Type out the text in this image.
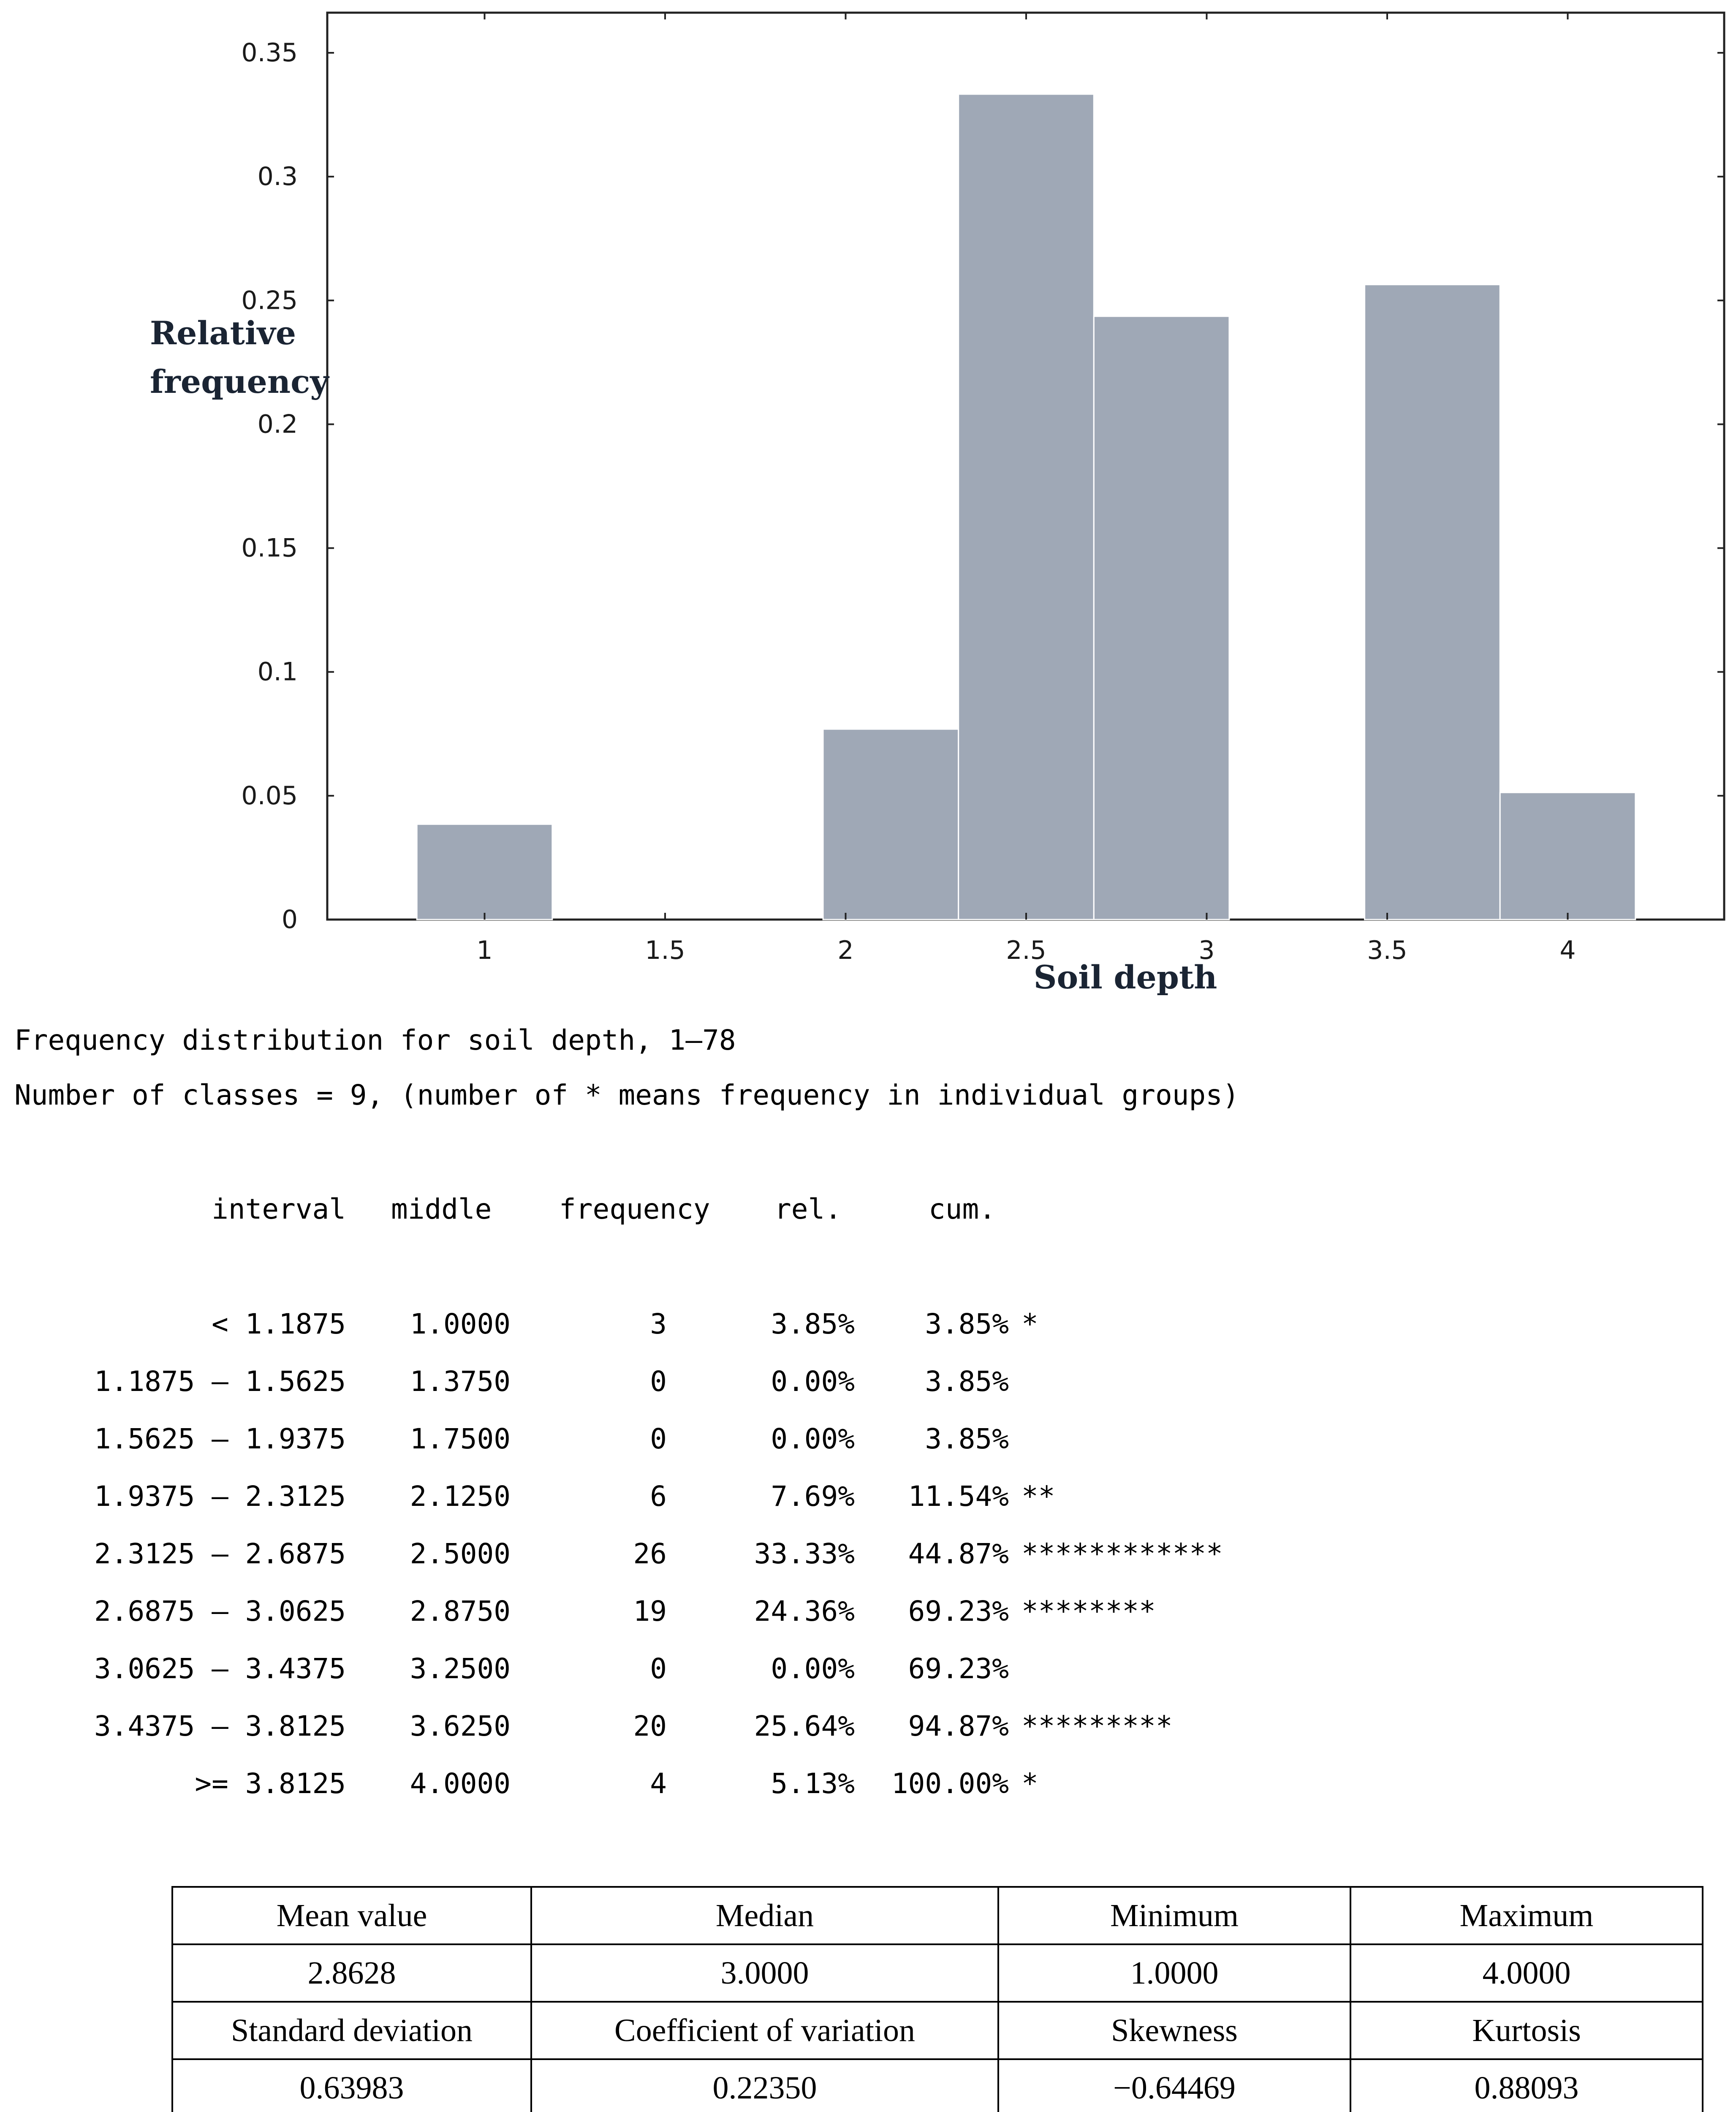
0
0.05
0.1
0.15
0.2
0.25
0.3
0.35
1	1.5	2	2.5	3	3.5	4
Relative
frequency
Soil depth
Frequency distribution for soil depth, 1–78
Number of classes = 9, (number of * means frequency in individual groups)
interval middle frequency rel.	cum.
< 1.1875	1.0000	3	3.85%	3.85% *
1.1875 – 1.5625	1.3750	0	0.00%	3.85%
1.5625 – 1.9375	1.7500	0	0.00%	3.85%
1.9375 – 2.3125	2.1250	6	7.69%	11.54% **
2.3125 – 2.6875	2.5000	26	33.33%	44.87% ************
2.6875 – 3.0625	2.8750	19	24.36%	69.23% ********
3.0625 – 3.4375	3.2500	0	0.00%	69.23%
3.4375 – 3.8125	3.6250	20	25.64%	94.87% *********
>= 3.8125	4.0000	4	5.13%	100.00% *
Mean value	Median	Minimum	Maximum
2.8628	3.0000	1.0000	4.0000
Standard deviation	Coefficient of variation	Skewness	Kurtosis
0.63983	0.22350	−0.64469	0.88093
